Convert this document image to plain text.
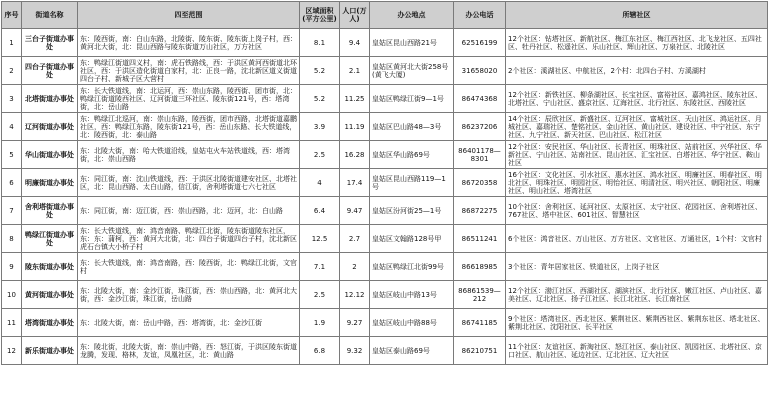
序号	街道名称	四至范围	区域面积(平方公里)	人口(万人)	办公地点	办公电话	所辖社区
1	三台子街道办事处	东：陵西街，南：白山东路，北陵街、陵东街、陵东街上岗子村，西：黄河北大街，北：昆山西路与陵东街道万山社区，万方社区	8.1	9.4	皇姑区昆山西路21号	62516199	12个社区：钻塔社区、新航社区、梅江东社区、梅江西社区、北飞龙社区、五四社区、牡丹社区、松遥社区、乐山社区、辉山社区、万泉社区、北陵社区
2	四台子街道办事处	东：鸭绿江街道四义村，南：虎石铁路线，西：于洪区黄河西街道北环社区，西：于洪区造化街道白家村，北：正良一路，沈北新区道义街道四台子村、新城子区大营村	5.2	2.1	皇姑区黄河北大街258号(黄飞大厦)	31658020	2个社区：溪湖社区、中航社区，2个村：北四台子村、方溪湖村
3	北塔街道办事处	东：长大铁道线，南：北运河，西：崇山东路，陵西街、团市街，北：鸭绿江街道陵西社区、辽河街道三环社区、陵东街121号，西：塔湾街，北：岳山路	5.2	11.25	皇姑区鸭绿江街9—1号	86474368	12个社区：新铁社区、柳条湖社区、长宝社区、富裕社区、嘉鸿社区、陵东社区、北塔社区、宁山社区、盛京社区、辽海社区、北行社区、东陵社区、西陵社区
4	辽河街道办事处	东：鸭绿江北巡河，南：崇山东路，陵西街，团市西路，北塔街道嘉鹏社区，西：鸭绿江东路，陵东街121号，西：岳山东路、长大铁道线，北：陵西街，北：泰山路	3.9	11.19	皇姑区巴山路48—3号	86237206	14个社区：辰欣社区、新盛社区、辽河社区、富城社区、天山社区、鸿运社区、月城社区、嘉瑞社区、楚铭社区、金山社区、黄山社区、建设社区、中宁社区、东宁社区、九宁社区、新天社区、巴山社区、松江社区
5	华山街道办事处	东：北陵大街，南：哈大铁道沿线，皇姑屯火车站铁道线，西：塔湾街，北：崇山西路	2.5	16.28	皇姑区华山路69号	86401178—8301	12个社区：安民社区、华山社区、长青社区、明珠社区、站前社区、兴华社区、华新社区、宁山社区、站南社区、昆山社区、汇宝社区、白塔社区、华宁社区、鞍山社区
6	明廉街道办事处	东：同江街，南：沈山铁道线，西：于洪区北陵街道建安社区、北塔社区，北：昆山西路、太白山路，信江街，舍利塔街道七六七社区	4	17.4	皇姑区昆山西路119—1号	86720358	16个社区：文化社区、引水社区、惠水社区、鸿水社区、明廉社区、明春社区、明北社区、明珠社区、明园社区、明怡社区、明清社区、明兴社区、朝阳社区、明廉社区、明山社区、塔湾社区
7	舍利塔街道办事处	东：同江街，南：迈江街，西：崇山西路，北：迈河，北：白山路	6.4	9.47	皇姑区汾河街25—1号	86872275	10个社区：舍利社区、延河社区、太原社区、太宁社区、花园社区、舍利塔社区、767社区、塔中社区、601社区、智慧社区
8	鸭绿江街道办事处	东：长大铁道线，南：鸿音南路、鸭绿江北街，陵东街道陵东社区，东：东：蒲柯，西：黄河大北街，北：四台子街道四台子村，沈北新区虎石台镇大小桥子村	12.5	2.7	皇姑区文翰路128号甲	86511241	6个社区：鸿音社区、万山社区、万方社区、文官社区、万通社区，1个村：文官村
9	陵东街道办事处	东：长大铁道线，南：鸿音南路，西：陵西街，北：鸭绿江北街，文官村	7.1	2	皇姑区鸭绿江北街99号	86618985	3个社区：青年居家社区、铁道社区，上岗子社区
10	黄河街道办事处	东：北陵大街，南：金沙江街，珠江街，西：崇山西路，北：黄河北大街，西：金沙江街，珠江街，岳山路	2.5	12.12	皇姑区岐山中路13号	86861539—212	12个社区：渤江社区、西湖社区、湖滨社区、北行社区、嫩江社区、卢山社区、嘉美社区、辽北社区、扬子江社区、长江北社区、长江南社区
11	塔湾街道办事处	东：北陵大街，南：岳山中路，西：塔湾街，北：金沙江街	1.9	9.27	皇姑区岐山中路88号	86741185	9个社区：塔湾社区、西北社区、紫荆社区、紫荆西社区、紫荆东社区、塔北社区、紫荆北社区、沈阳社区、长平社区
12	新乐街道办事处	东：陵北街，北陵大街，南：崇山中路，西：怒江街，于洪区陵东街道龙腾，发现、格林，友谊，凤凰社区，北：黄山路	6.8	9.32	皇姑区泰山路69号	86210751	11个社区：友谊社区、新淘社区、怒江社区、泰山社区、凯园社区、北塔社区、京口社区、航山社区、延边社区、辽北社区、辽大社区
